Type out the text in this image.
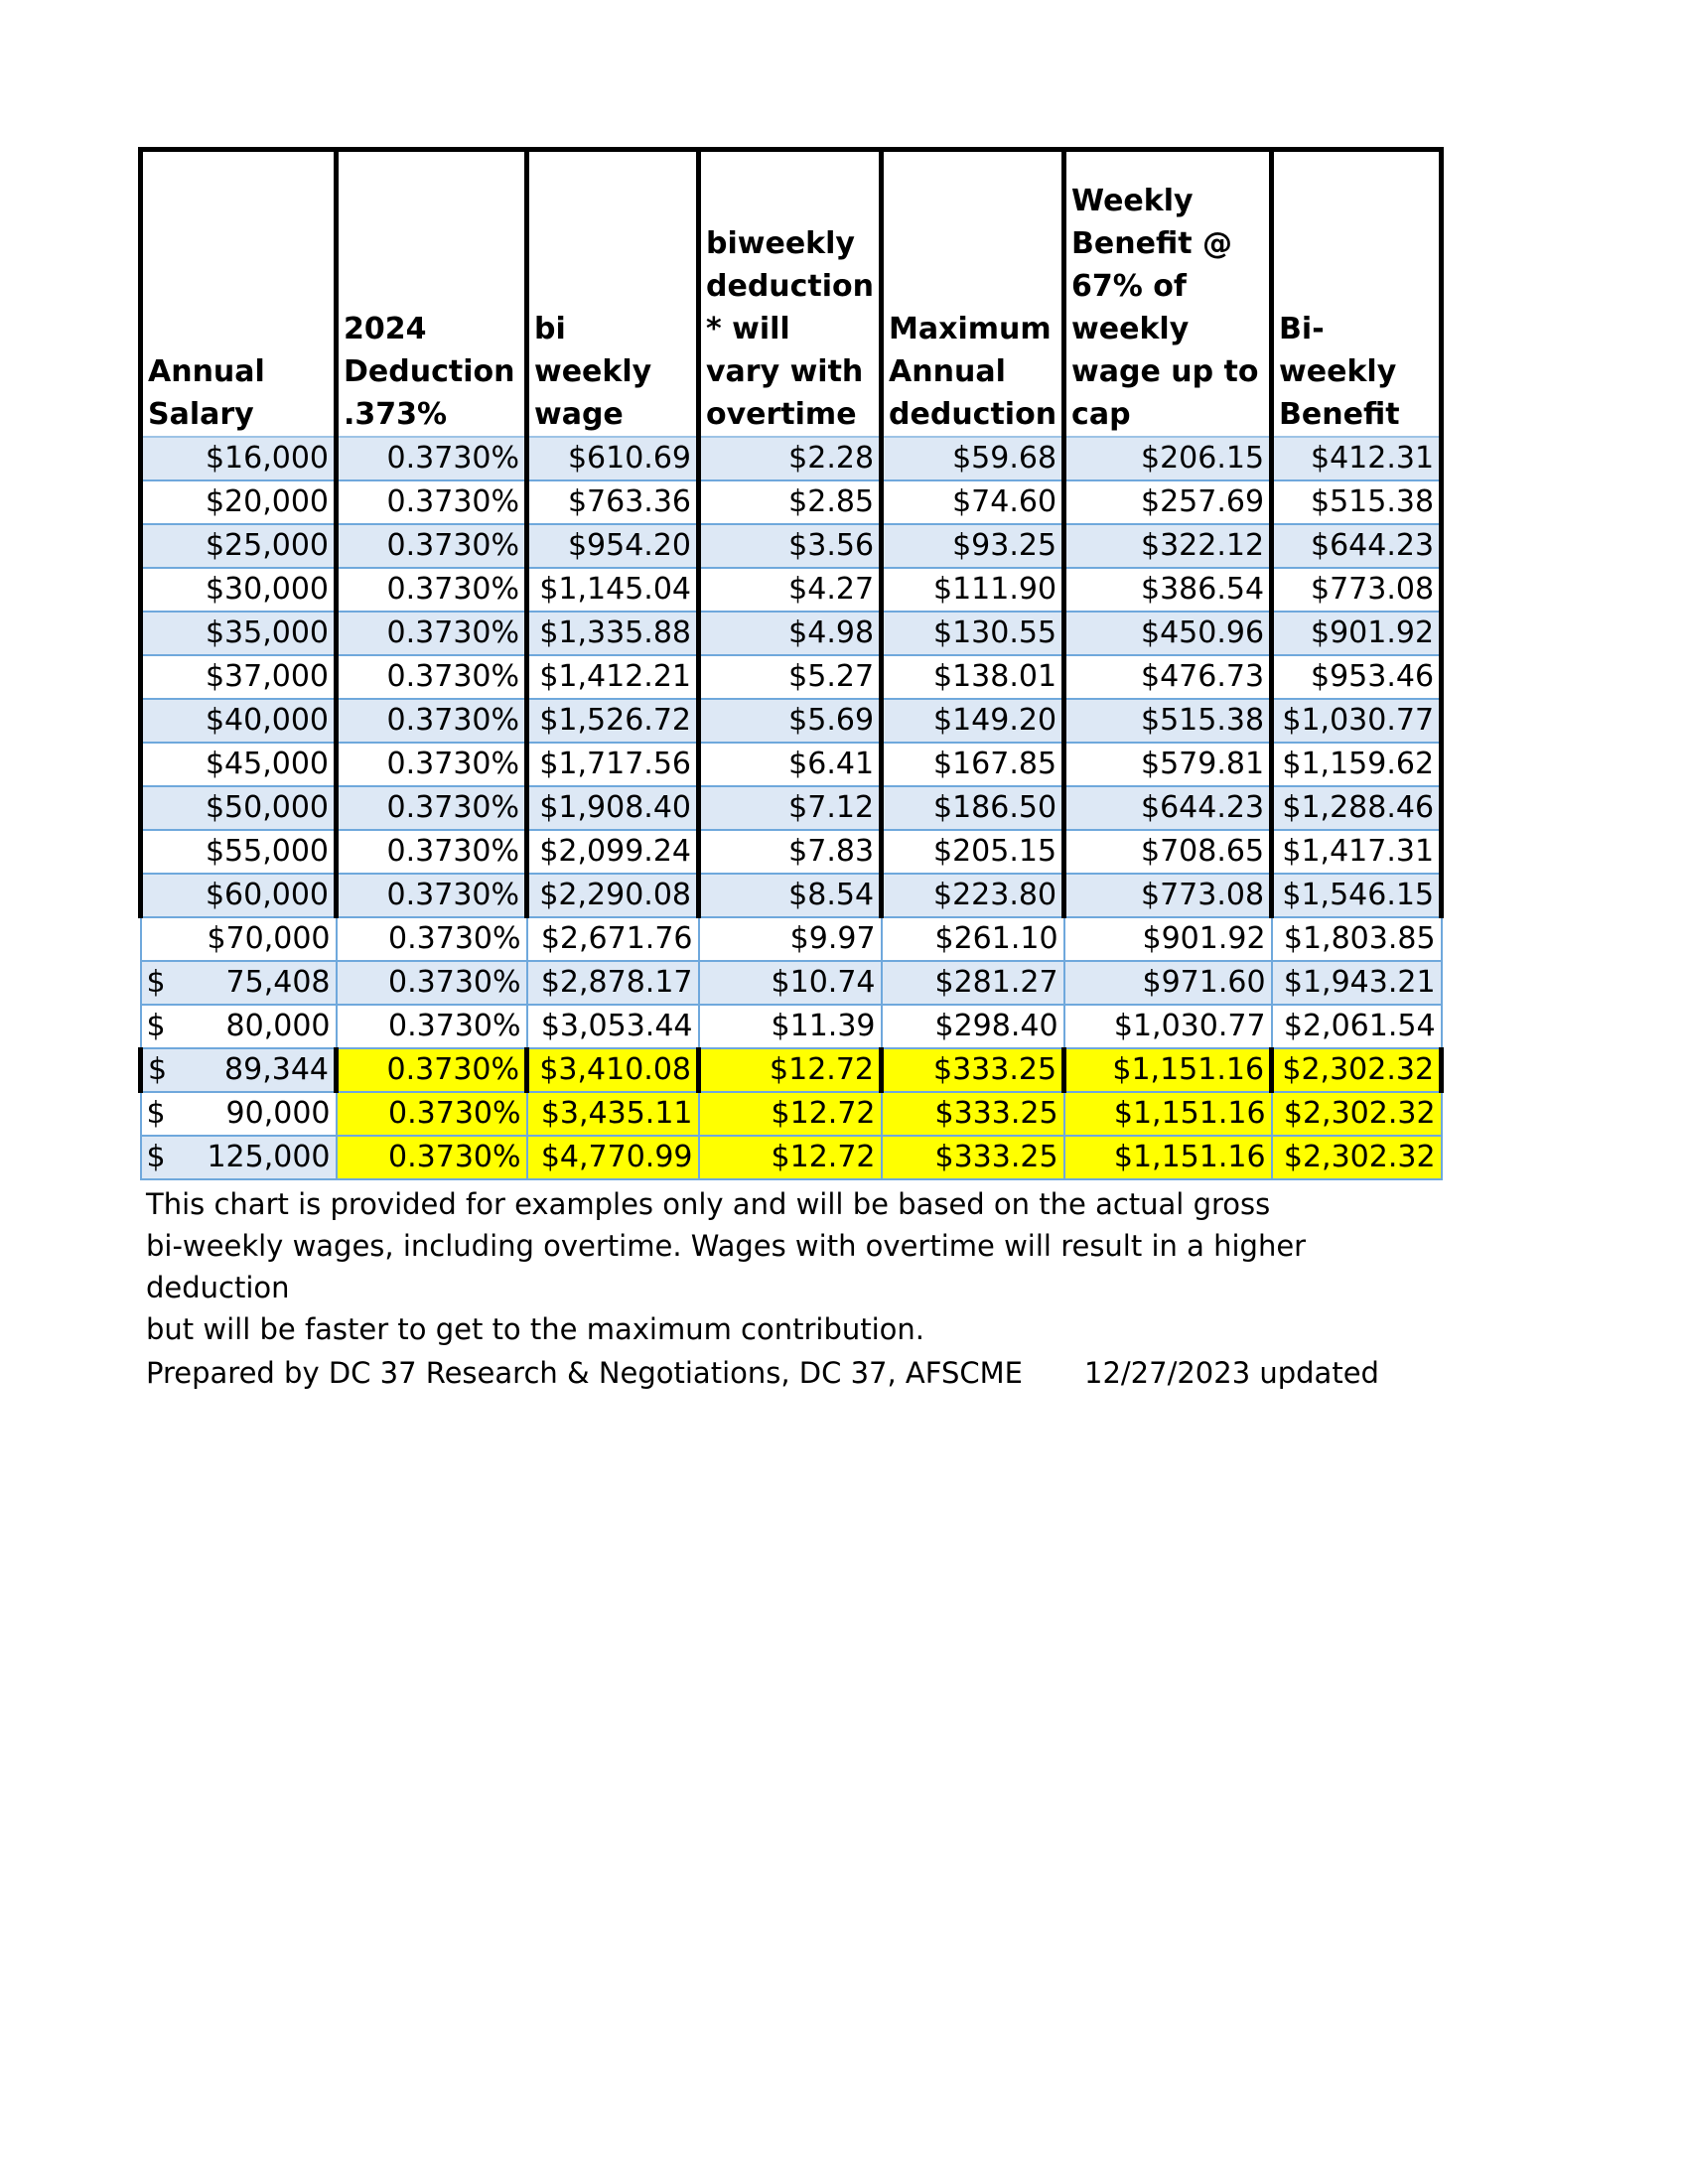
Annual Salary	2024 Deduction .373%	bi weekly wage	biweekly deduction * will vary with overtime	Maximum Annual deduction	Weekly Benefit @ 67% of weekly wage up to cap	Bi-weekly Benefit
$16,000	0.3730%	$610.69	$2.28	$59.68	$206.15	$412.31
$20,000	0.3730%	$763.36	$2.85	$74.60	$257.69	$515.38
$25,000	0.3730%	$954.20	$3.56	$93.25	$322.12	$644.23
$30,000	0.3730%	$1,145.04	$4.27	$111.90	$386.54	$773.08
$35,000	0.3730%	$1,335.88	$4.98	$130.55	$450.96	$901.92
$37,000	0.3730%	$1,412.21	$5.27	$138.01	$476.73	$953.46
$40,000	0.3730%	$1,526.72	$5.69	$149.20	$515.38	$1,030.77
$45,000	0.3730%	$1,717.56	$6.41	$167.85	$579.81	$1,159.62
$50,000	0.3730%	$1,908.40	$7.12	$186.50	$644.23	$1,288.46
$55,000	0.3730%	$2,099.24	$7.83	$205.15	$708.65	$1,417.31
$60,000	0.3730%	$2,290.08	$8.54	$223.80	$773.08	$1,546.15
$70,000	0.3730%	$2,671.76	$9.97	$261.10	$901.92	$1,803.85

$ 75,408	0.3730%	$2,878.17	$10.74	$281.27	$971.60	$1,943.21

$ 80,000	0.3730%	$3,053.44	$11.39	$298.40	$1,030.77	$2,061.54

$ 89,344	0.3730%	$3,410.08	$12.72	$333.25	$1,151.16	$2,302.32

$ 90,000	0.3730%	$3,435.11	$12.72	$333.25	$1,151.16	$2,302.32

$ 125,000	0.3730%	$4,770.99	$12.72	$333.25	$1,151.16	$2,302.32

This chart is provided for examples only and will be based on the actual gross

bi-weekly wages, including overtime. Wages with overtime will result in a higher deduction

but will be faster to get to the maximum contribution.

Prepared by DC 37 Research & Negotiations, DC 37, AFSCME 12/27/2023 updated
